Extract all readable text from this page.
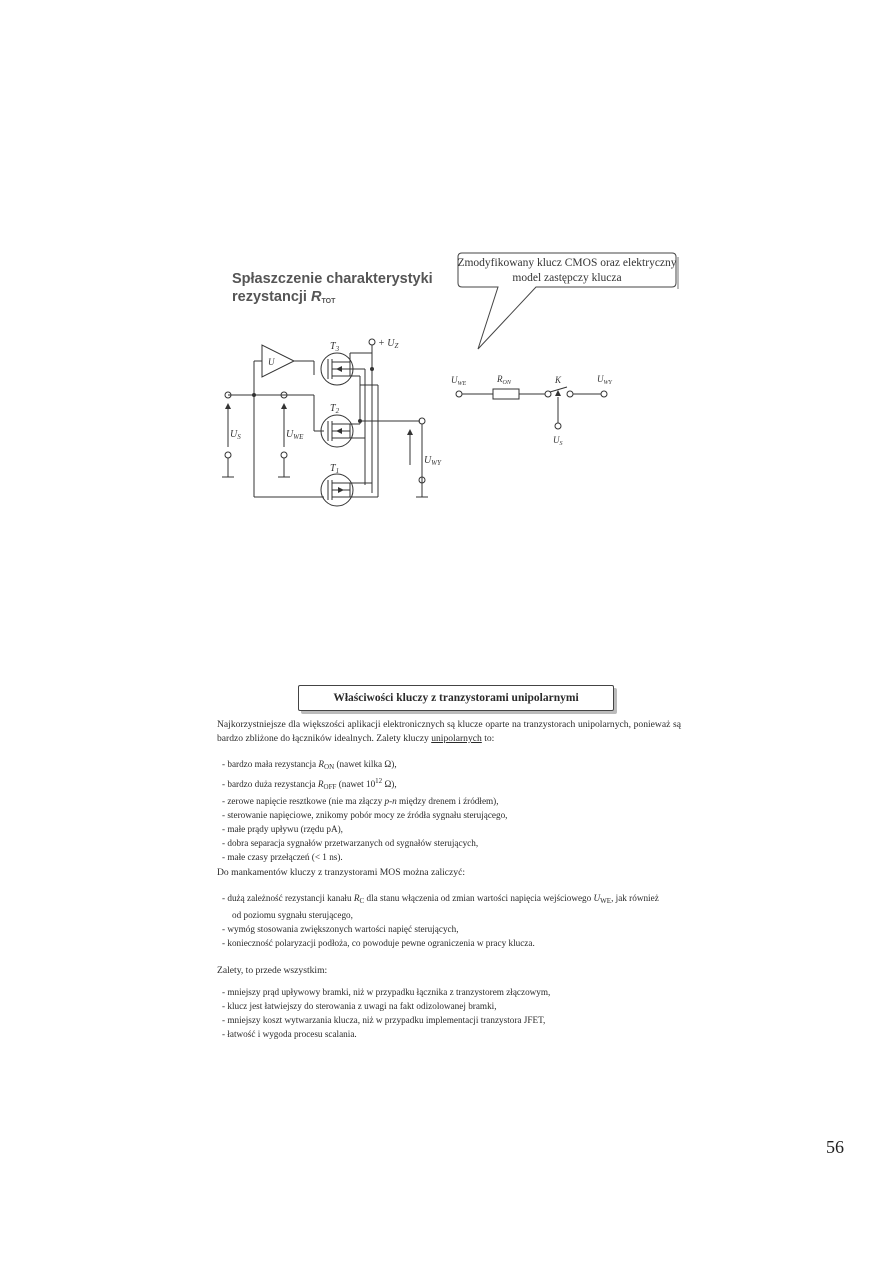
Spłaszczenie charakterystyki
rezystancji $R_{TOT}$
Zmodyfikowany klucz CMOS oraz elektryczny model zastępczy klucza
$T_3$
$T_2$
$T_1$
+ $U_Z$
U
$U_S$	$U_{WE}$
$U_{WY}$
$U_{WE}$	$R_{ON}$	K	$U_{WY}$
$U_S$
Właściwości kluczy z tranzystorami unipolarnymi
Najkorzystniejsze dla większości aplikacji elektronicznych są klucze oparte na tranzystorach unipolarnych, ponieważ są bardzo zbliżone do łączników idealnych. Zalety kluczy unipolarnych to:
- bardzo mała rezystancja $R_{ON}$ (nawet kilka Ω),
- bardzo duża rezystancja $R_{OFF}$ (nawet $10^{12}$ Ω),
- zerowe napięcie resztkowe (nie ma złączy p-n między drenem i źródłem),
- sterowanie napięciowe, znikomy pobór mocy ze źródła sygnału sterującego,
- małe prądy upływu (rzędu pA),
- dobra separacja sygnałów przetwarzanych od sygnałów sterujących,
- małe czasy przełączeń (< 1 ns).
Do mankamentów kluczy z tranzystorami MOS można zaliczyć:
- dużą zależność rezystancji kanału $R_C$ dla stanu włączenia od zmian wartości napięcia wejściowego $U_{WE}$, jak również od poziomu sygnału sterującego,
- wymóg stosowania zwiększonych wartości napięć sterujących,
- konieczność polaryzacji podłoża, co powoduje pewne ograniczenia w pracy klucza.
Zalety, to przede wszystkim:
- mniejszy prąd upływowy bramki, niż w przypadku łącznika z tranzystorem złączowym,
- klucz jest łatwiejszy do sterowania z uwagi na fakt odizolowanej bramki,
- mniejszy koszt wytwarzania klucza, niż w przypadku implementacji tranzystora JFET,
- łatwość i wygoda procesu scalania.
56
